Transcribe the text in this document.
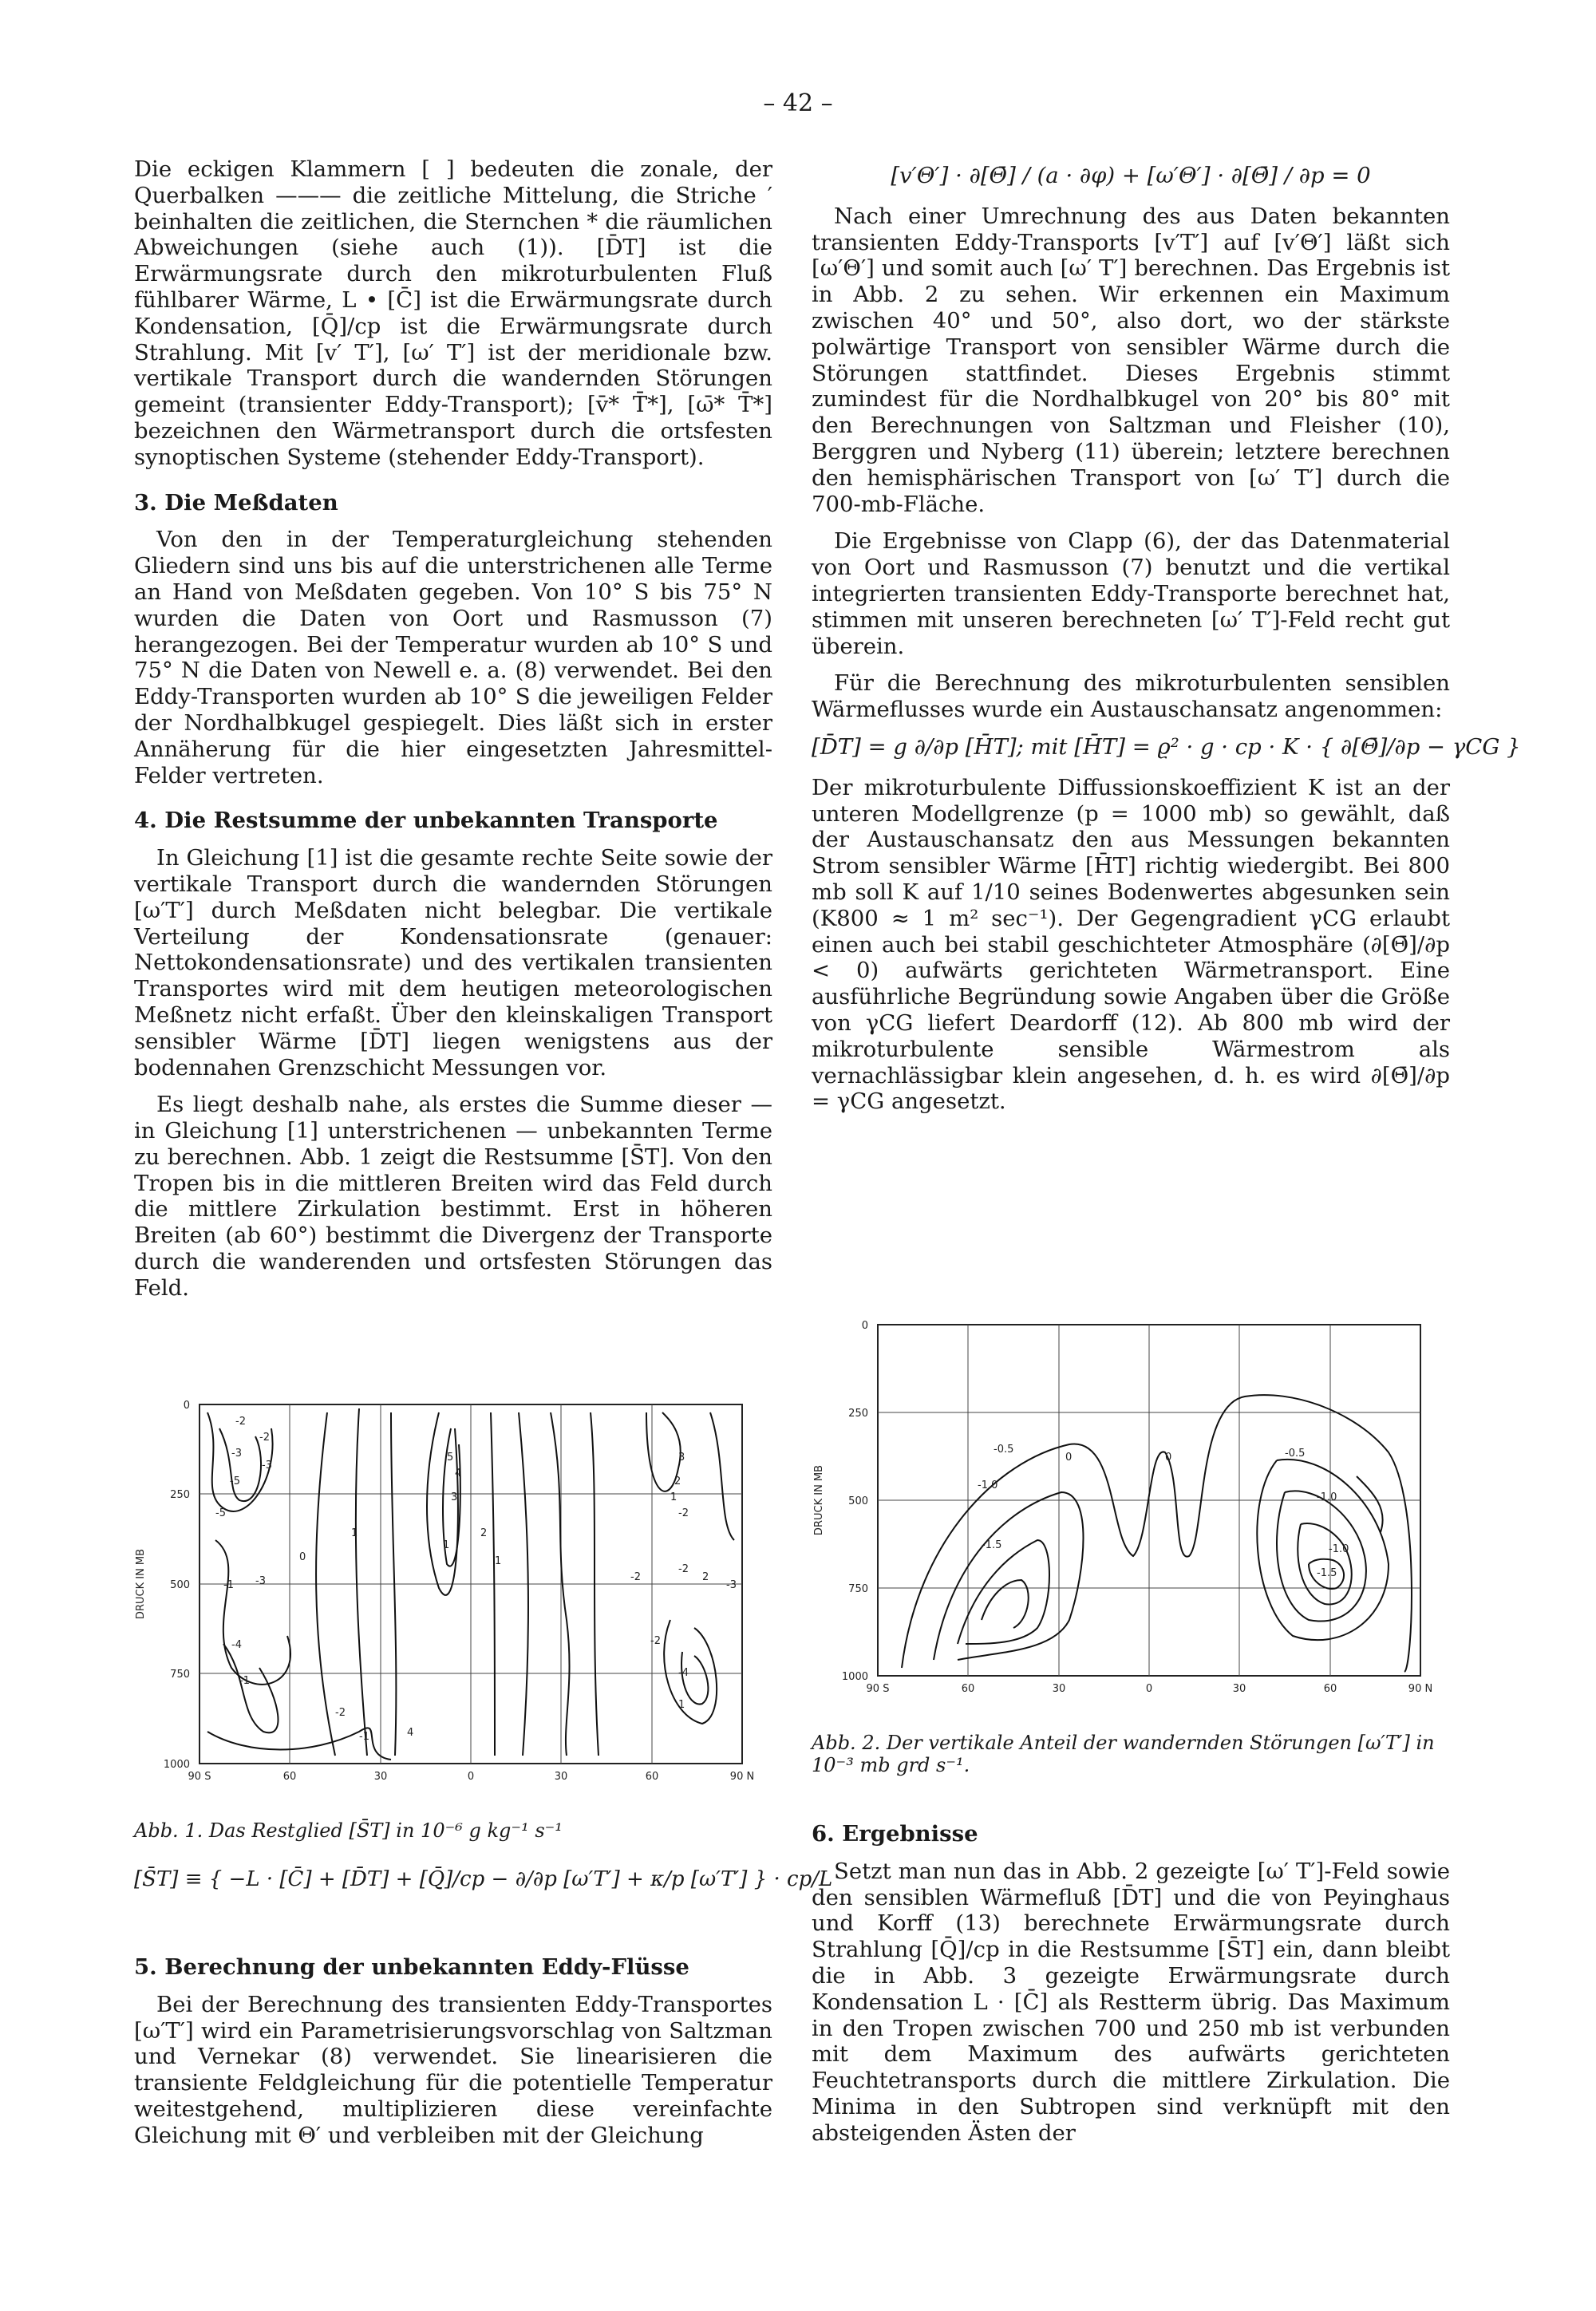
– 42 –

Die eckigen Klammern [ ] bedeuten die zonale, der Querbalken ——— die zeitliche Mittelung, die Striche ′ beinhalten die zeitlichen, die Sternchen * die räumlichen Abweichungen (siehe auch (1)). [D̄T] ist die Erwärmungsrate durch den mikroturbulenten Fluß fühlbarer Wärme, L • [C̄] ist die Erwärmungsrate durch Kondensation, [Q̄]/cp ist die Erwärmungsrate durch Strahlung. Mit [v′ T′], [ω′ T′] ist der meridionale bzw. vertikale Transport durch die wandernden Störungen gemeint (transienter Eddy-Transport); [v̄* T̄*], [ω̄* T̄*] bezeichnen den Wärmetransport durch die ortsfesten synoptischen Systeme (stehender Eddy-Transport).

3. Die Meßdaten

Von den in der Temperaturgleichung stehenden Gliedern sind uns bis auf die unterstrichenen alle Terme an Hand von Meßdaten gegeben. Von 10° S bis 75° N wurden die Daten von Oort und Rasmusson (7) herangezogen. Bei der Temperatur wurden ab 10° S und 75° N die Daten von Newell e. a. (8) verwendet. Bei den Eddy-Transporten wurden ab 10° S die jeweiligen Felder der Nordhalbkugel gespiegelt. Dies läßt sich in erster Annäherung für die hier eingesetzten Jahresmittel-Felder vertreten.

4. Die Restsumme der unbekannten Transporte

In Gleichung [1] ist die gesamte rechte Seite sowie der vertikale Transport durch die wandernden Störungen [ω′T′] durch Meßdaten nicht belegbar. Die vertikale Verteilung der Kondensationsrate (genauer: Nettokondensationsrate) und des vertikalen transienten Transportes wird mit dem heutigen meteorologischen Meßnetz nicht erfaßt. Über den kleinskaligen Transport sensibler Wärme [D̄T] liegen wenigstens aus der bodennahen Grenzschicht Messungen vor.

Es liegt deshalb nahe, als erstes die Summe dieser — in Gleichung [1] unterstrichenen — unbekannten Terme zu berechnen. Abb. 1 zeigt die Restsumme [S̄T]. Von den Tropen bis in die mittleren Breiten wird das Feld durch die mittlere Zirkulation bestimmt. Erst in höheren Breiten (ab 60°) bestimmt die Divergenz der Transporte durch die wanderenden und ortsfesten Störungen das Feld.

0
250
500
750
1000
90 S	60	30	0	30	60	90 N
DRUCK IN MB
-2
-3
-5
-2
-3
-5
0
1
1
3
4
5
2
1
-2
-2
-1 -3
-4
-1
-2
-1	4
3
2
1
-2
-2
2
-3
-4
1
Abb. 1. Das Restglied [S̄T] in 10⁻⁶ g kg⁻¹ s⁻¹
[S̄T] ≡ { −L · [C̄] + [D̄T] + [Q̄]/cp − ∂/∂p [ω′T′] + κ/p [ω′T′] } · cp/L
5. Berechnung der unbekannten Eddy-Flüsse

Bei der Berechnung des transienten Eddy-Transportes [ω′T′] wird ein Parametrisierungsvorschlag von Saltzman und Vernekar (8) verwendet. Sie linearisieren die transiente Feldgleichung für die potentielle Temperatur weitestgehend, multiplizieren diese vereinfachte Gleichung mit Θ′ und verbleiben mit der Gleichung

[v′Θ′] · ∂[Θ̄] / (a · ∂φ) + [ω′Θ′] · ∂[Θ̄] / ∂p = 0

Nach einer Umrechnung des aus Daten bekannten transienten Eddy-Transports [v′T′] auf [v′Θ′] läßt sich [ω′Θ′] und somit auch [ω′ T′] berechnen. Das Ergebnis ist in Abb. 2 zu sehen. Wir erkennen ein Maximum zwischen 40° und 50°, also dort, wo der stärkste polwärtige Transport von sensibler Wärme durch die Störungen stattfindet. Dieses Ergebnis stimmt zumindest für die Nordhalbkugel von 20° bis 80° mit den Berechnungen von Saltzman und Fleisher (10), Berggren und Nyberg (11) überein; letztere berechnen den hemisphärischen Transport von [ω′ T′] durch die 700-mb-Fläche.

Die Ergebnisse von Clapp (6), der das Datenmaterial von Oort und Rasmusson (7) benutzt und die vertikal integrierten transienten Eddy-Transporte berechnet hat, stimmen mit unseren berechneten [ω′ T′]-Feld recht gut überein.

Für die Berechnung des mikroturbulenten sensiblen Wärmeflusses wurde ein Austauschansatz angenommen:

[D̄T] = g ∂/∂p [H̄T]; mit [H̄T] = ϱ² · g · cp · K · { ∂[Θ̄]/∂p − γCG }

Der mikroturbulente Diffussionskoeffizient K ist an der unteren Modellgrenze (p = 1000 mb) so gewählt, daß der Austauschansatz den aus Messungen bekannten Strom sensibler Wärme [H̄T] richtig wiedergibt. Bei 800 mb soll K auf 1/10 seines Bodenwertes abgesunken sein (K800 ≈ 1 m² sec⁻¹). Der Gegengradient γCG erlaubt einen auch bei stabil geschichteter Atmosphäre (∂[Θ̄]/∂p < 0) aufwärts gerichteten Wärmetransport. Eine ausführliche Begründung sowie Angaben über die Größe von γCG liefert Deardorff (12). Ab 800 mb wird der mikroturbulente sensible Wärmestrom als vernachlässigbar klein angesehen, d. h. es wird ∂[Θ̄]/∂p = γCG angesetzt.

0
250
500
750
1000
90 S	60	30	0	30	60	90 N
DRUCK IN MB
-0.5
0	0	-0.5
-1.0
-1.0
-1.5	-1.0
-1.5
Abb. 2. Der vertikale Anteil der wandernden Störungen [ω′T′] in 10⁻³ mb grd s⁻¹.
6. Ergebnisse

Setzt man nun das in Abb. 2 gezeigte [ω′ T′]-Feld sowie den sensiblen Wärmefluß [D̄T] und die von Peyinghaus und Korff (13) berechnete Erwärmungsrate durch Strahlung [Q̄]/cp in die Restsumme [S̄T] ein, dann bleibt die in Abb. 3 gezeigte Erwärmungsrate durch Kondensation L · [C̄] als Restterm übrig. Das Maximum in den Tropen zwischen 700 und 250 mb ist verbunden mit dem Maximum des aufwärts gerichteten Feuchtetransports durch die mittlere Zirkulation. Die Minima in den Subtropen sind verknüpft mit den absteigenden Ästen der
